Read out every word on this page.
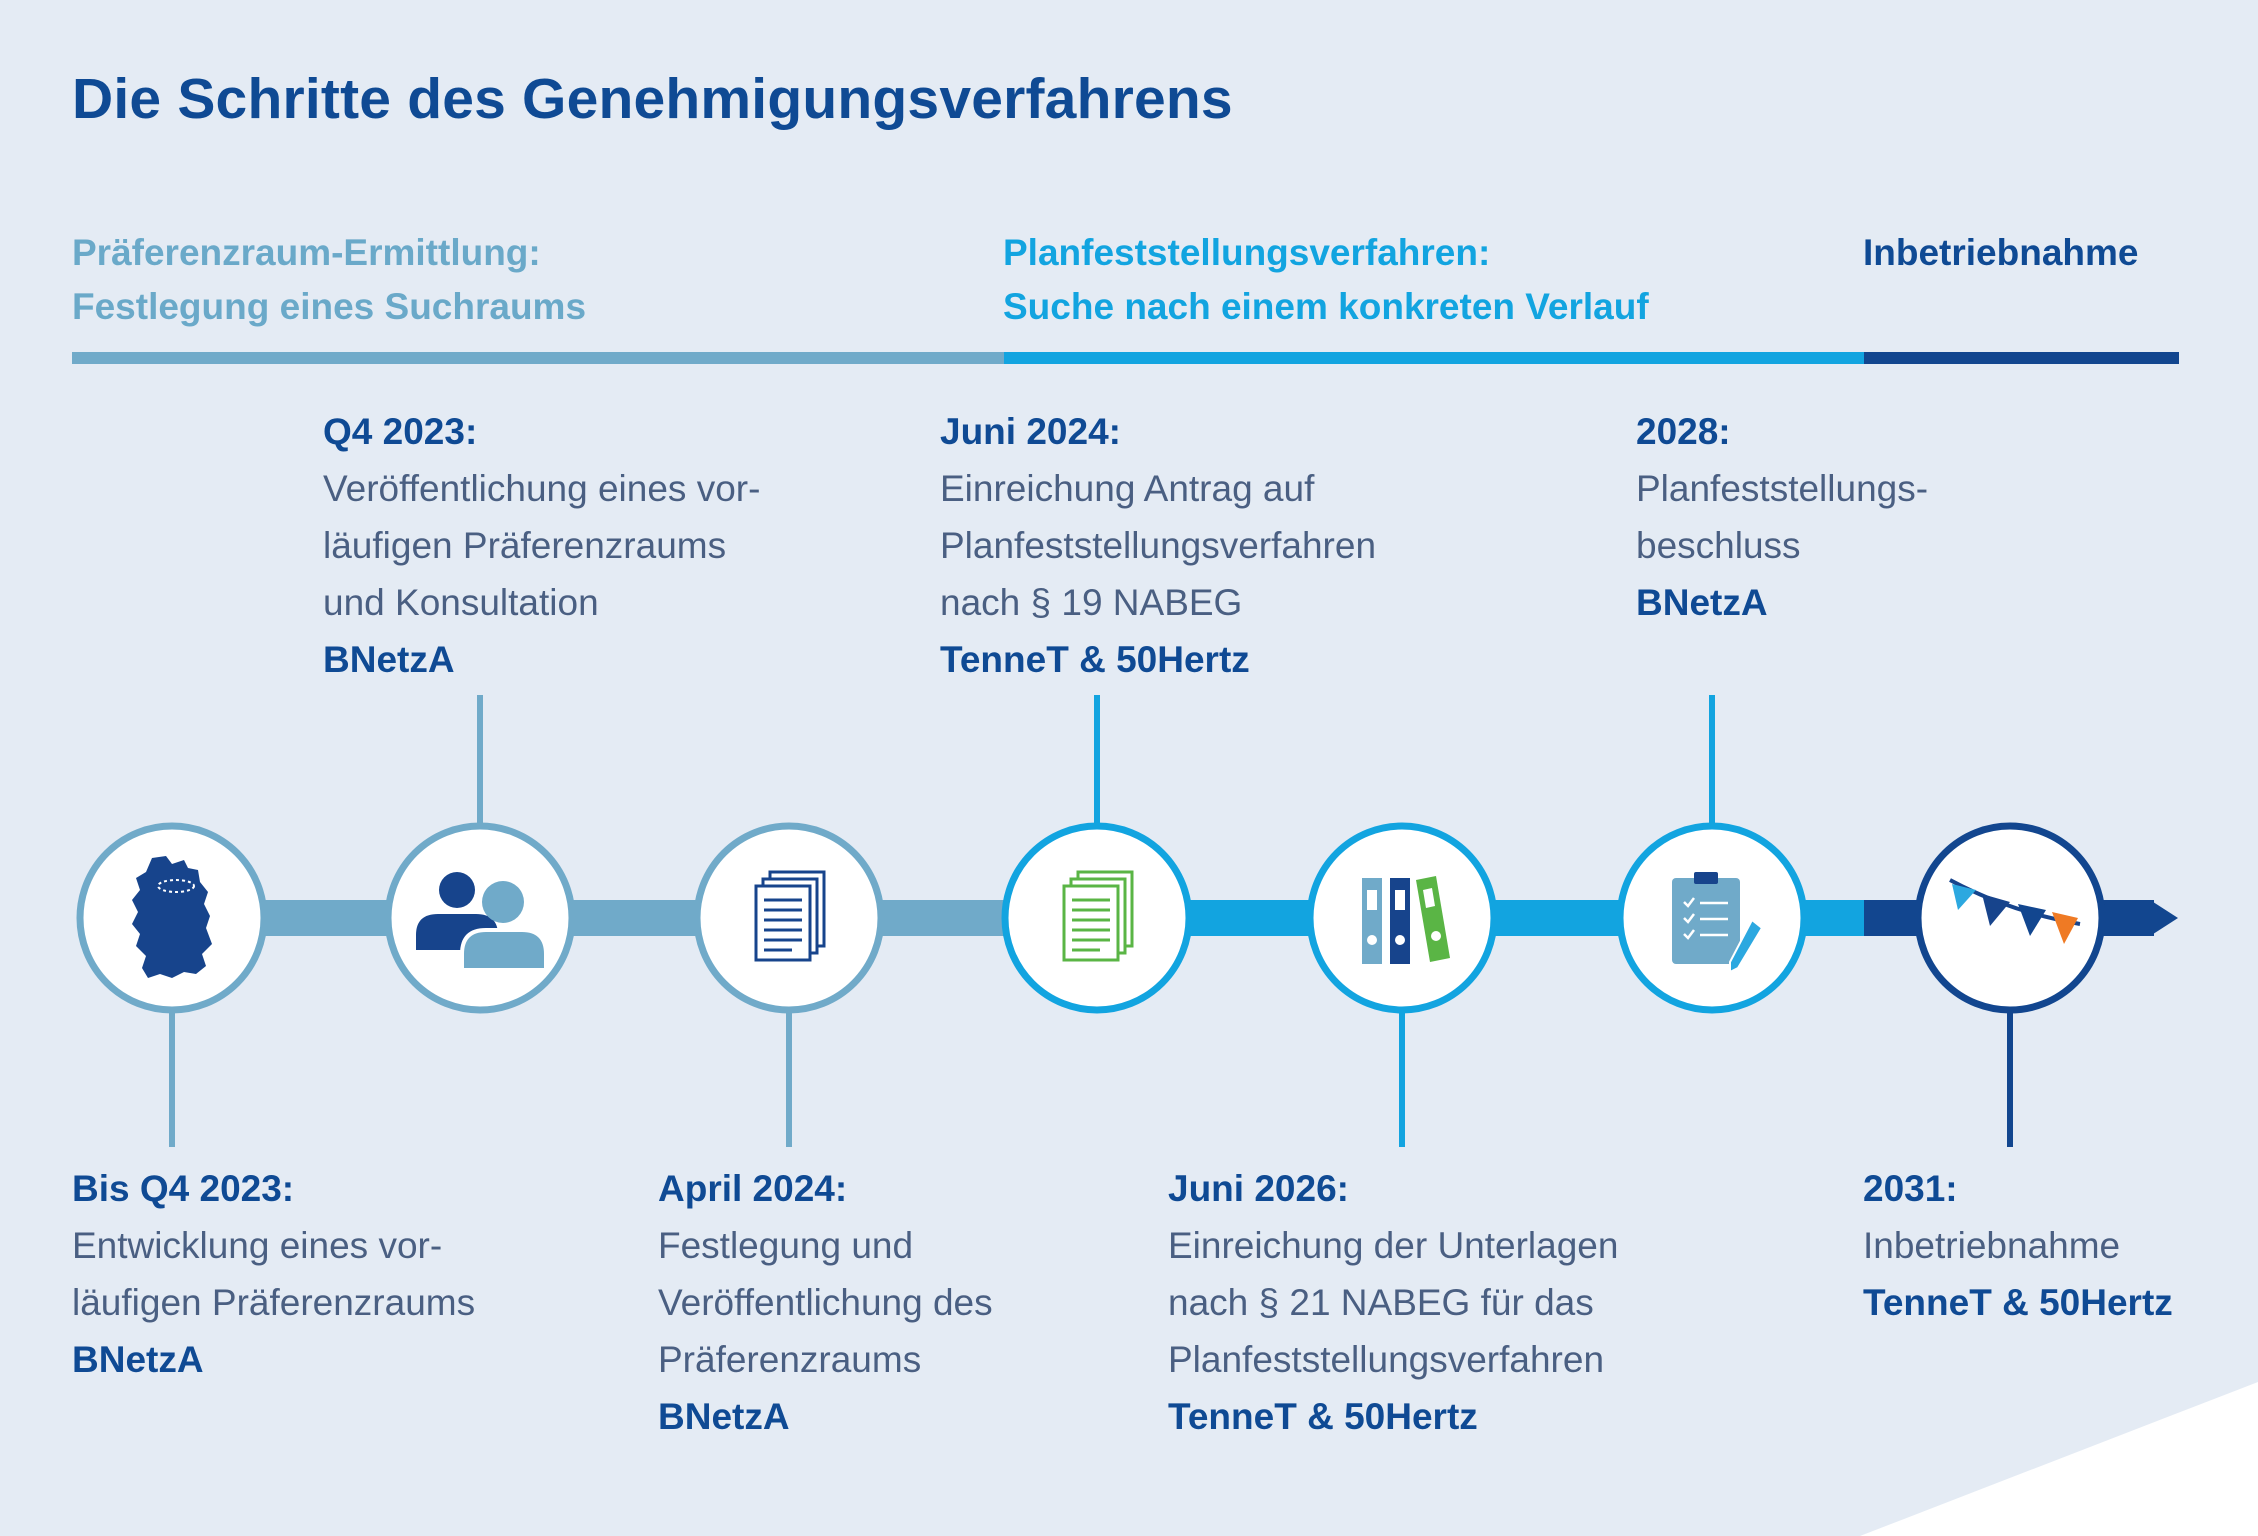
Die Schritte des Genehmigungsverfahrens
Präferenzraum-Ermittlung:
Festlegung eines Suchraums
Planfeststellungsverfahren:
Suche nach einem konkreten Verlauf
Inbetriebnahme
Bis Q4 2023:
Entwicklung eines vor-
läufigen Präferenzraums
BNetzA
Q4 2023:
Veröffentlichung eines vor-
läufigen Präferenzraums
und Konsultation
BNetzA
April 2024:
Festlegung und
Veröffentlichung des
Präferenzraums
BNetzA
Juni 2024:
Einreichung Antrag auf
Planfeststellungsverfahren
nach § 19 NABEG
TenneT & 50Hertz
Juni 2026:
Einreichung der Unterlagen
nach § 21 NABEG für das
Planfeststellungsverfahren
TenneT & 50Hertz
2028:
Planfeststellungs-
beschluss
BNetzA
2031:
Inbetriebnahme
TenneT & 50Hertz
